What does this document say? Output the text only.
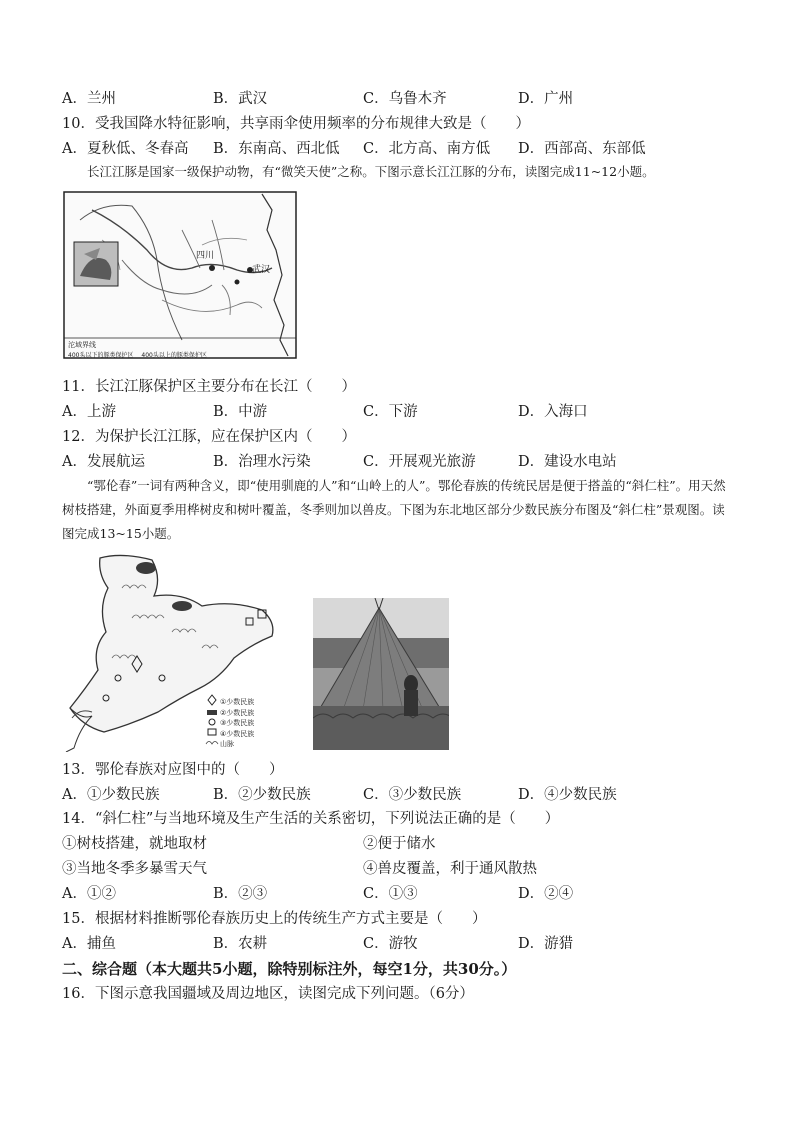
A．兰州	B．武汉	C．乌鲁木齐	D．广州
10．受我国降水特征影响，共享雨伞使用频率的分布规律大致是（　　）
A．夏秋低、冬春高 B．东南高、西北低 C．北方高、南方低 D．西部高、东部低
长江江豚是国家一级保护动物，有“微笑天使”之称。下图示意长江江豚的分布，读图完成11~12小题。
四川
武汉
沱域界线
400头以下的豚类保护区 400头以上的豚类保护区
11．长江江豚保护区主要分布在长江（　　）
A．上游	B．中游	C．下游	D．入海口
12．为保护长江江豚，应在保护区内（　　）
A．发展航运	B．治理水污染	C．开展观光旅游	D．建设水电站
“鄂伦春”一词有两种含义，即“使用驯鹿的人”和“山岭上的人”。鄂伦春族的传统民居是便于搭盖的“斜仁柱”。用天然树枝搭建，外面夏季用桦树皮和树叶覆盖，冬季则加以兽皮。下图为东北地区部分少数民族分布图及“斜仁柱”景观图。读图完成13~15小题。
①少数民族
②少数民族
③少数民族
④少数民族
山脉
13．鄂伦春族对应图中的（　　）
A．①少数民族	B．②少数民族	C．③少数民族	D．④少数民族
14．“斜仁柱”与当地环境及生产生活的关系密切，下列说法正确的是（　　）
①树枝搭建，就地取材	②便于储水
③当地冬季多暴雪天气	④兽皮覆盖，利于通风散热
A．①②	B．②③	C．①③	D．②④
15．根据材料推断鄂伦春族历史上的传统生产方式主要是（　　）
A．捕鱼	B．农耕	C．游牧	D．游猎
二、综合题（本大题共5小题，除特别标注外，每空1分，共30分。）
16．下图示意我国疆域及周边地区，读图完成下列问题。（6分）
